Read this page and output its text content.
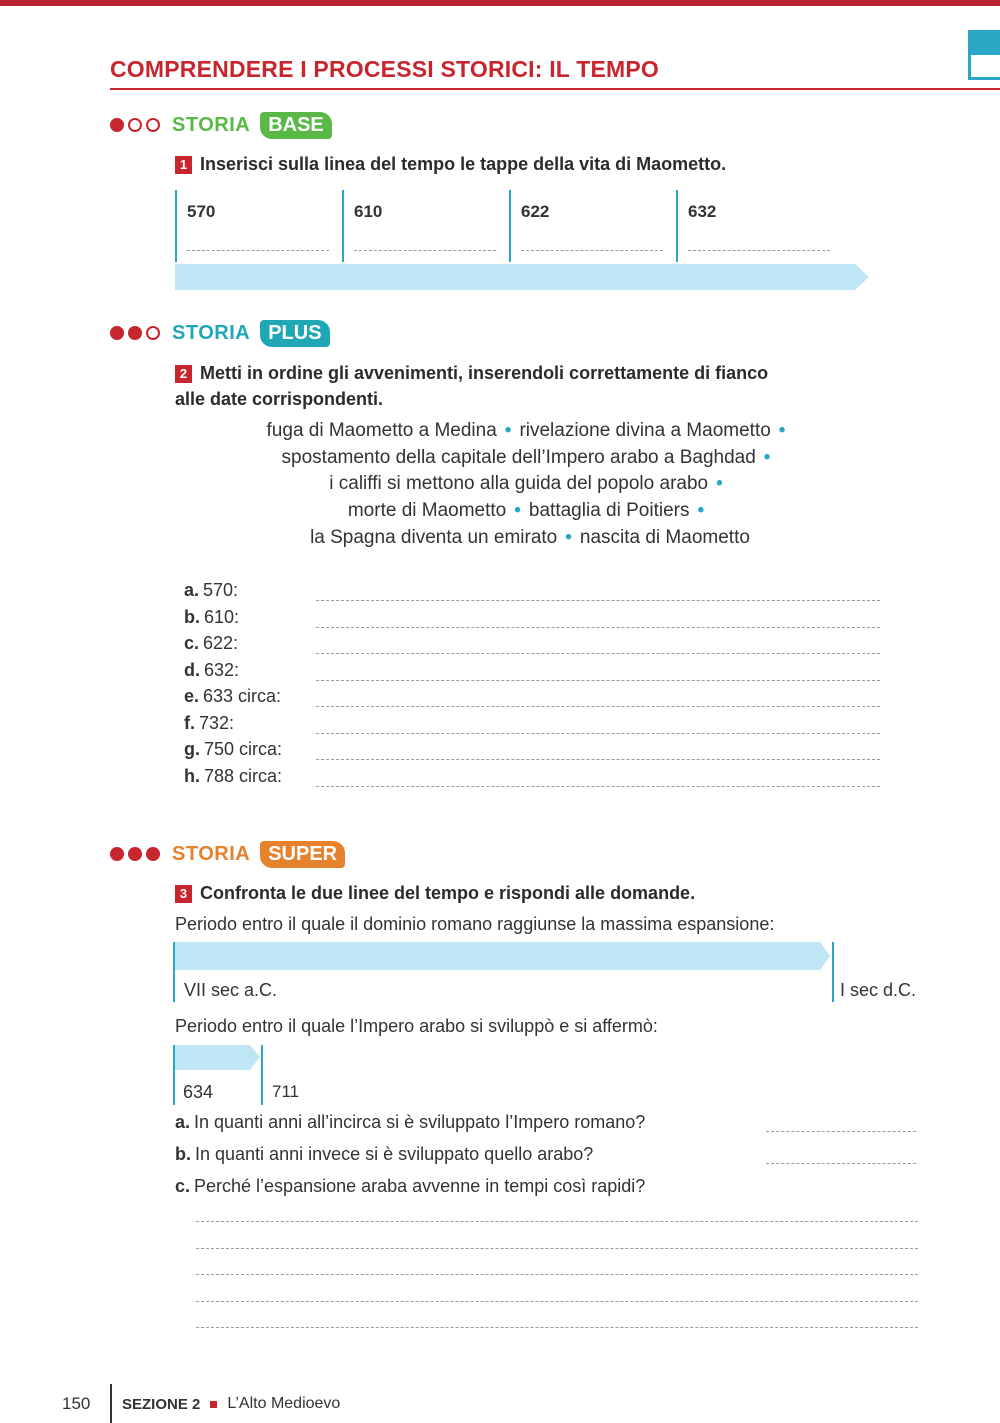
COMPRENDERE I PROCESSI STORICI: IL TEMPO
STORIA BASE
1 Inserisci sulla linea del tempo le tappe della vita di Maometto.
570	610	622	632
STORIA PLUS
2 Metti in ordine gli avvenimenti, inserendoli correttamente di fianco
alle date corrispondenti.
fuga di Maometto a Medina • rivelazione divina a Maometto •
spostamento della capitale dell’Impero arabo a Baghdad •
i califfi si mettono alla guida del popolo arabo •
morte di Maometto • battaglia di Poitiers •
la Spagna diventa un emirato • nascita di Maometto
a. 570:
b. 610:
c. 622:
d. 632:
e. 633 circa:
f. 732:
g. 750 circa:
h. 788 circa:
STORIA SUPER
3 Confronta le due linee del tempo e rispondi alle domande.
Periodo entro il quale il dominio romano raggiunse la massima espansione:
VII sec a.C.	I sec d.C.
Periodo entro il quale l’Impero arabo si sviluppò e si affermò:
634	711
a. In quanti anni all’incirca si è sviluppato l’Impero romano?
b. In quanti anni invece si è sviluppato quello arabo?
c. Perché l’espansione araba avvenne in tempi così rapidi?
150	SEZIONE 2 L’Alto Medioevo
